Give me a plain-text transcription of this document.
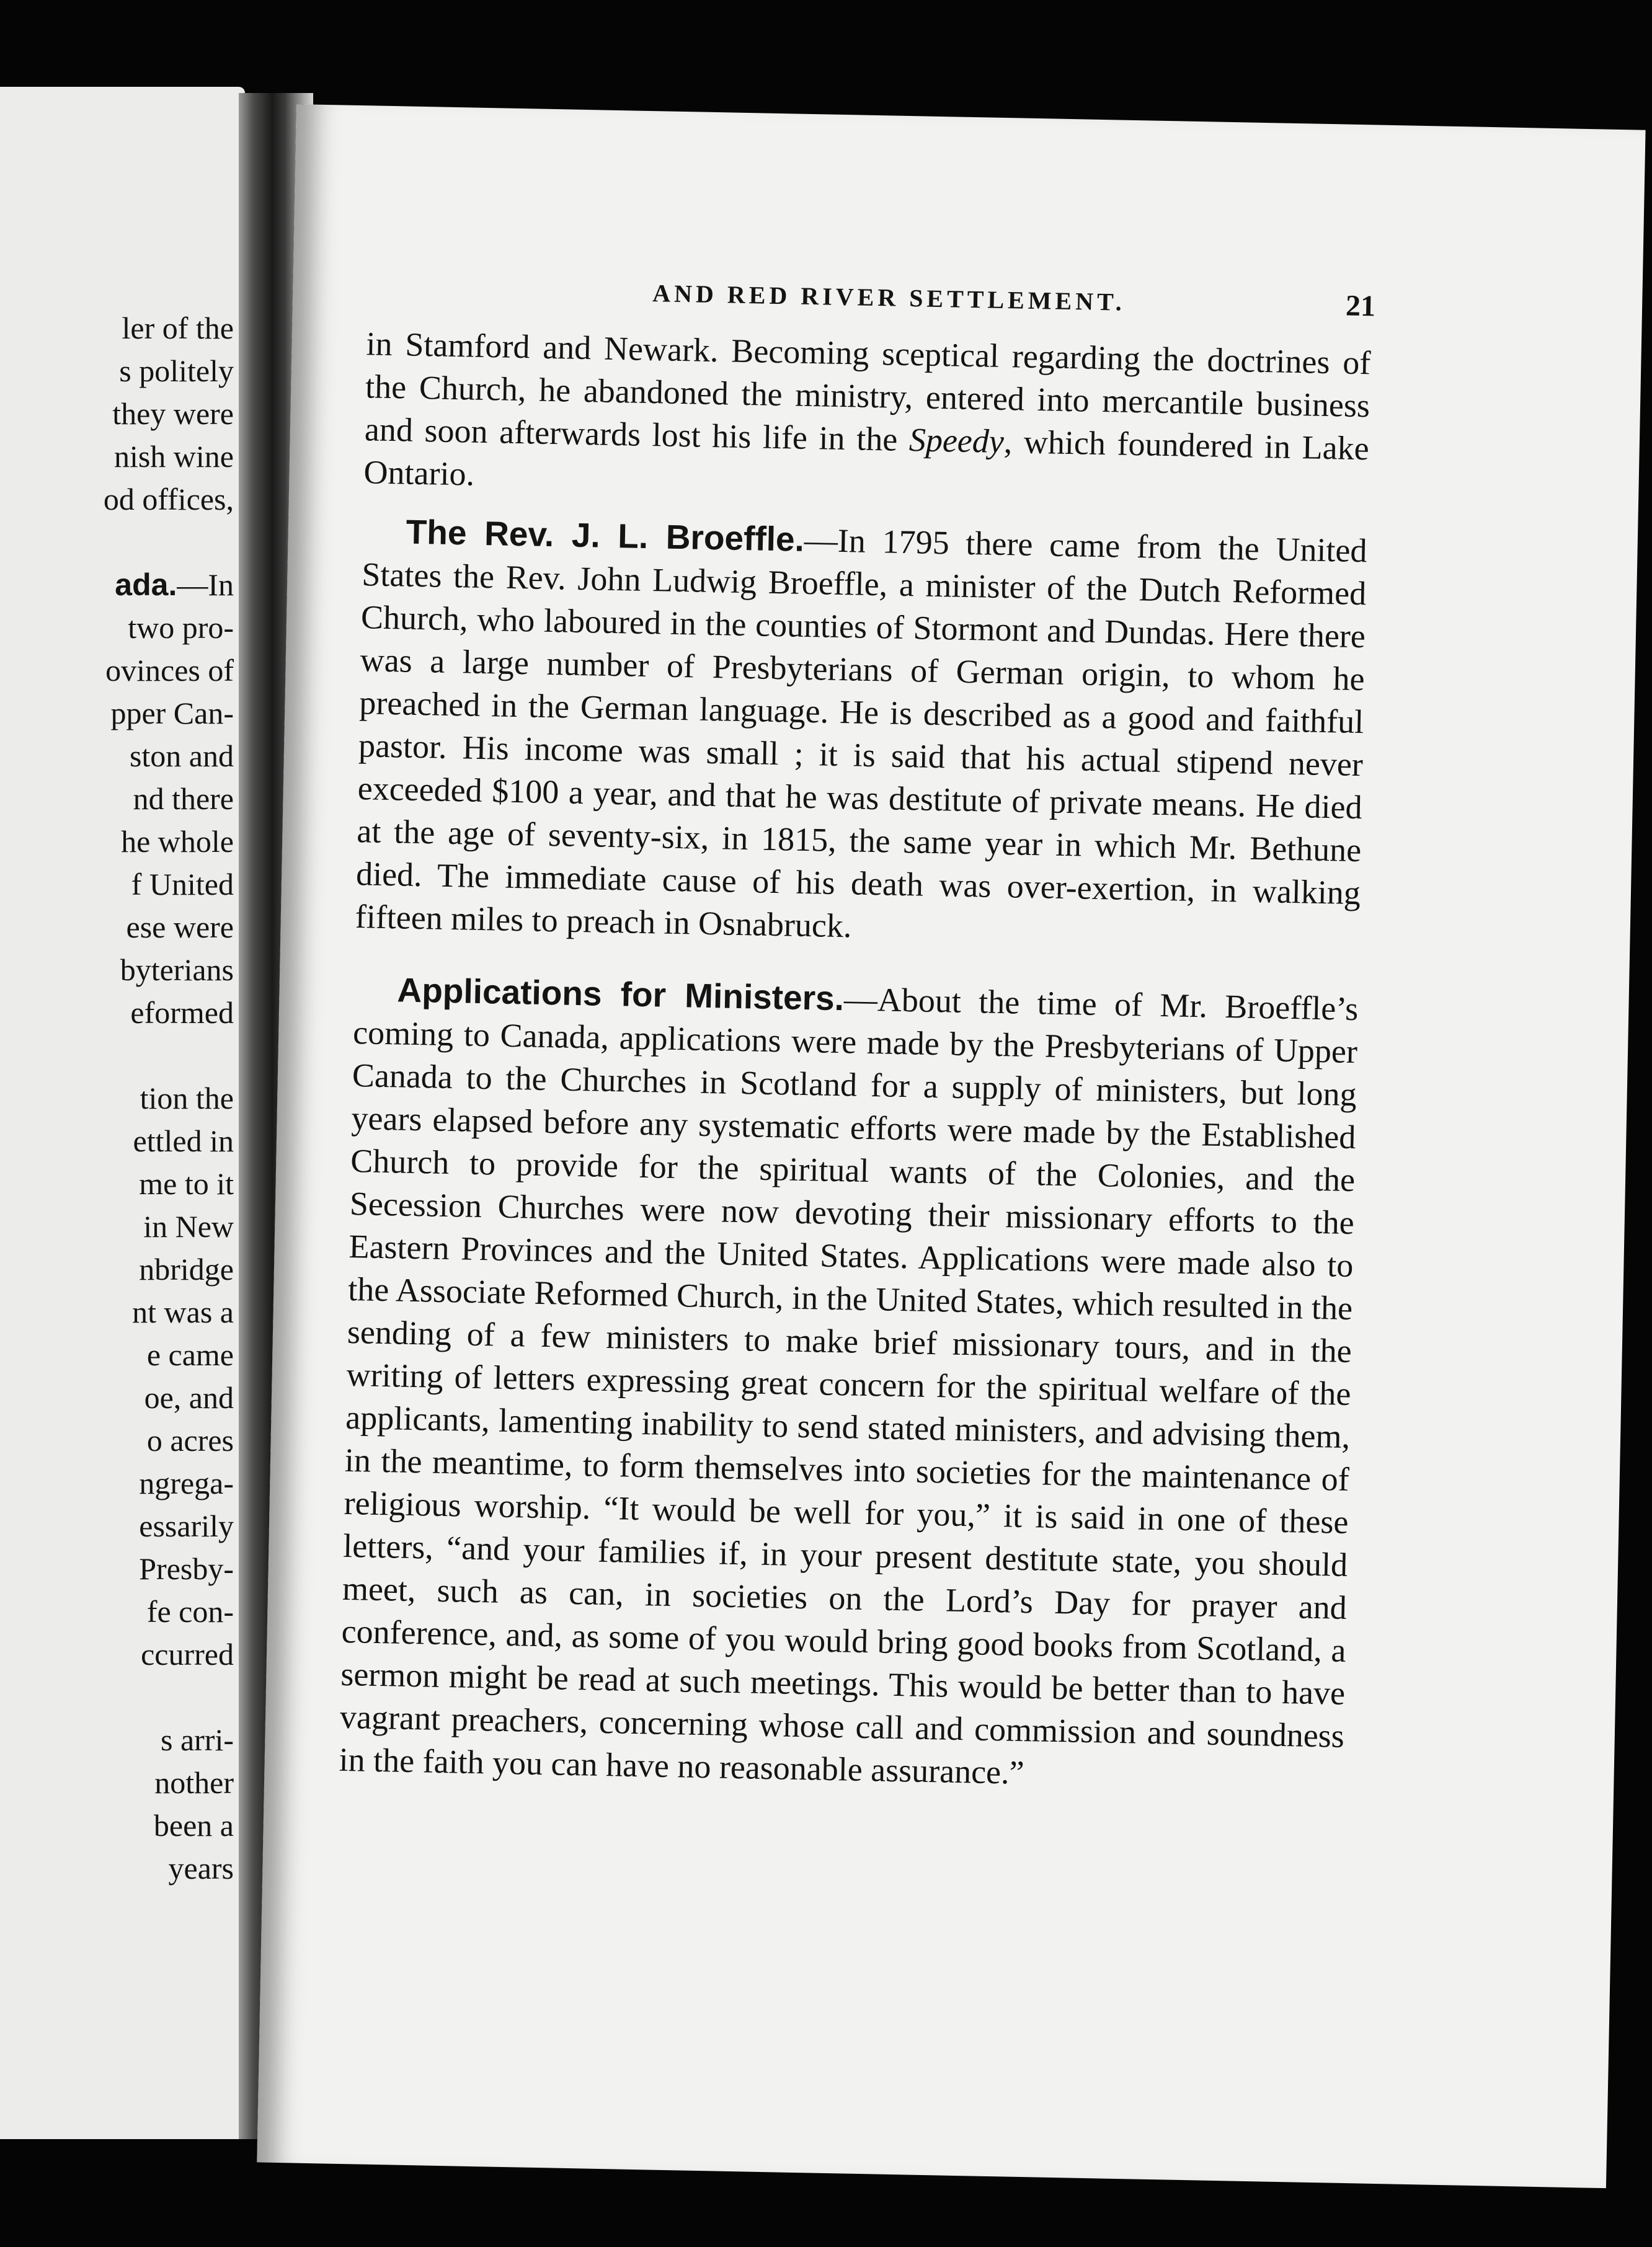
ler of the
s politely
they were
nish wine
od offices,

ada.—In
two pro-
ovinces of
pper Can-
ston and
nd there
he whole
f United
ese were
byterians
eformed

tion the
ettled in
me to it
in New
nbridge
nt was a
e came
oe, and
o acres
ngrega-
essarily
Presby-
fe con-
ccurred

s arri-
nother
been a
years
AND RED RIVER SETTLEMENT.	21

in Stamford and Newark. Becoming sceptical regarding the doctrines of the Church, he abandoned the ministry, entered into mercantile business and soon afterwards lost his life in the Speedy, which foundered in Lake Ontario.

The Rev. J. L. Broeffle.—In 1795 there came from the United States the Rev. John Ludwig Broeffle, a minister of the Dutch Reformed Church, who laboured in the counties of Stormont and Dundas. Here there was a large number of Presbyterians of German origin, to whom he preached in the German language. He is described as a good and faithful pastor. His income was small ; it is said that his actual stipend never exceeded $100 a year, and that he was destitute of private means. He died at the age of seventy-six, in 1815, the same year in which Mr. Bethune died. The immediate cause of his death was over-exertion, in walking fifteen miles to preach in Osnabruck.

Applications for Ministers.—About the time of Mr. Broeffle’s coming to Canada, applications were made by the Presbyterians of Upper Canada to the Churches in Scotland for a supply of ministers, but long years elapsed before any systematic efforts were made by the Established Church to provide for the spiritual wants of the Colonies, and the Secession Churches were now devoting their missionary efforts to the Eastern Provinces and the United States. Applications were made also to the Associate Reformed Church, in the United States, which resulted in the sending of a few ministers to make brief missionary tours, and in the writing of letters expressing great concern for the spiritual welfare of the applicants, lamenting inability to send stated ministers, and advising them, in the meantime, to form themselves into societies for the maintenance of religious worship. “It would be well for you,” it is said in one of these letters, “and your families if, in your present destitute state, you should meet, such as can, in societies on the Lord’s Day for prayer and conference, and, as some of you would bring good books from Scotland, a sermon might be read at such meetings. This would be better than to have vagrant preachers, concerning whose call and commission and soundness in the faith you can have no reasonable assurance.”
